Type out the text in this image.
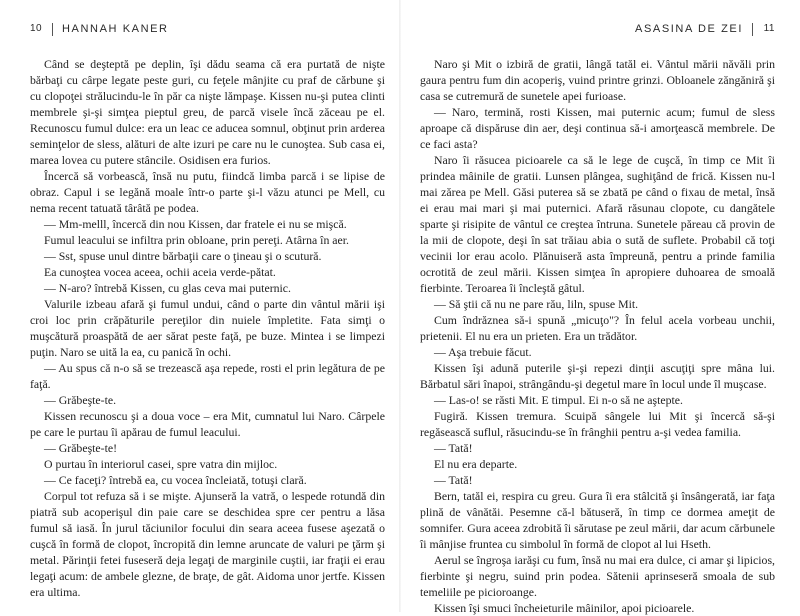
10 HANNAH KANER

Când se deşteptă pe deplin, îşi dădu seama că era purtată de nişte bărbaţi cu cârpe legate peste guri, cu feţele mânjite cu praf de cărbune şi cu clopoţei strălucindu-le în păr ca nişte lămpaşe. Kissen nu-şi putea clinti membrele şi-şi simţea pieptul greu, de parcă visele încă zăceau pe el. Recunoscu fumul dulce: era un leac ce aducea somnul, obţinut prin arderea seminţelor de sless, alături de alte izuri pe care nu le cunoştea. Sub casa ei, marea lovea cu putere stâncile. Osidisen era furios.

Încercă să vorbească, însă nu putu, fiindcă limba parcă i se lipise de obraz. Capul i se legănă moale într-o parte şi-l văzu atunci pe Mell, cu nema recent tatuată târâtă pe podea.

— Mm-melll, încercă din nou Kissen, dar fratele ei nu se mişcă.

Fumul leacului se infiltra prin obloane, prin pereţi. Atârna în aer.

— Sst, spuse unul dintre bărbaţii care o ţineau şi o scutură.

Ea cunoştea vocea aceea, ochii aceia verde-pătat.

— N-aro? întrebă Kissen, cu glas ceva mai puternic.

Valurile izbeau afară şi fumul undui, când o parte din vântul mării işi croi loc prin crăpăturile pereţilor din nuiele împletite. Fata simţi o muşcătură proaspătă de aer sărat peste faţă, pe buze. Mintea i se limpezi puţin. Naro se uită la ea, cu panică în ochi.

— Au spus că n-o să se trezească aşa repede, rosti el prin legătura de pe faţă.

— Grăbeşte-te.

Kissen recunoscu şi a doua voce – era Mit, cumnatul lui Naro. Cârpele pe care le purtau îi apărau de fumul leacului.

— Grăbeşte-te!

O purtau în interiorul casei, spre vatra din mijloc.

— Ce faceţi? întrebă ea, cu vocea încleiată, totuşi clară.

Corpul tot refuza să i se mişte. Ajunseră la vatră, o lespede rotundă din piatră sub acoperişul din paie care se deschidea spre cer pentru a lăsa fumul să iasă. În jurul tăciunilor focului din seara aceea fusese aşezată o cuşcă în formă de clopot, încropită din lemne aruncate de valuri pe ţărm şi metal. Părinţii fetei fuseseră deja legaţi de marginile cuştii, iar fraţii ei erau legaţi acum: de ambele glezne, de braţe, de gât. Aidoma unor jertfe. Kissen era ultima.

ASASINA DE ZEI 11

Naro şi Mit o izbiră de gratii, lângă tatăl ei. Vântul mării năvăli prin gaura pentru fum din acoperiş, vuind printre grinzi. Obloanele zăngăniră şi casa se cutremură de sunetele apei furioase.

— Naro, termină, rosti Kissen, mai puternic acum; fumul de sless aproape că dispăruse din aer, deşi continua să-i amorţească membrele. De ce faci asta?

Naro îi răsucea picioarele ca să le lege de cuşcă, în timp ce Mit îi prindea mâinile de gratii. Lunsen plângea, sughiţând de frică. Kissen nu-l mai zărea pe Mell. Găsi puterea să se zbată pe când o fixau de metal, însă ei erau mai mari şi mai puternici. Afară răsunau clopote, cu dangătele sparte şi risipite de vântul ce creştea întruna. Sunetele păreau că provin de la mii de clopote, deşi în sat trăiau abia o sută de suflete. Probabil că toţi vecinii lor erau acolo. Plănuiseră asta împreună, pentru a prinde familia ocrotită de zeul mării. Kissen simţea în apropiere duhoarea de smoală fierbinte. Teroarea îi încleştă gâtul.

— Să ştii că nu ne pare rău, liln, spuse Mit.

Cum îndrăznea să-i spună „micuţo"? În felul acela vorbeau unchii, prietenii. El nu era un prieten. Era un trădător.

— Aşa trebuie făcut.

Kissen îşi adună puterile şi-şi repezi dinţii ascuţiţi spre mâna lui. Bărbatul sări înapoi, strângându-şi degetul mare în locul unde îl muşcase.

— Las-o! se răsti Mit. E timpul. Ei n-o să ne aştepte.

Fugiră. Kissen tremura. Scuipă sângele lui Mit şi încercă să-şi regăsească suflul, răsucindu-se în frânghii pentru a-şi vedea familia.

— Tată!

El nu era departe.

— Tată!

Bern, tatăl ei, respira cu greu. Gura îi era stâlcită şi însângerată, iar faţa plină de vânătăi. Pesemne că-l bătuseră, în timp ce dormea ameţit de somnifer. Gura aceea zdrobită îi sărutase pe zeul mării, dar acum cărbunele îi mânjise fruntea cu simbolul în formă de clopot al lui Hseth.

Aerul se îngroşa iarăşi cu fum, însă nu mai era dulce, ci amar şi lipicios, fierbinte şi negru, suind prin podea. Sătenii aprinseseră smoala de sub temeliile pe picioroange.

Kissen îşi smuci încheieturile mâinilor, apoi picioarele.
